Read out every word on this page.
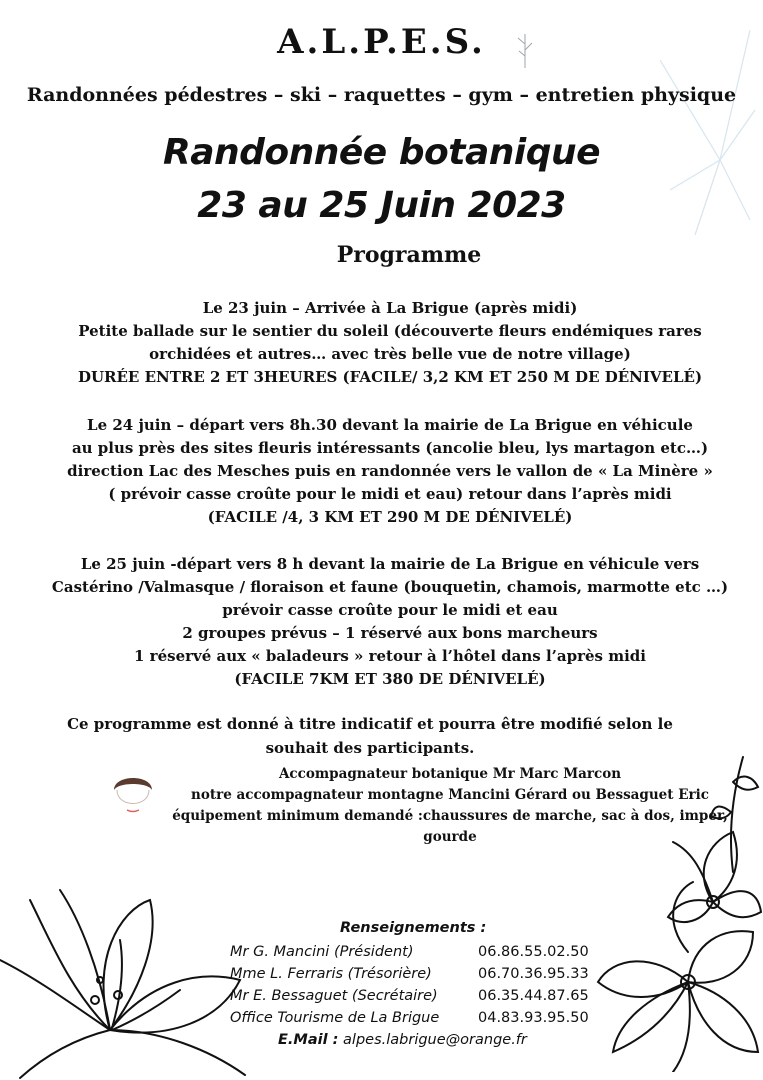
A.L.P.E.S.
Randonnées pédestres – ski – raquettes – gym – entretien physique
Randonnée botanique
23 au 25 Juin 2023
Programme
Le 23 juin – Arrivée à La Brigue (après midi)
Petite ballade sur le sentier du soleil (découverte fleurs endémiques rares
orchidées et autres… avec très belle vue de notre village)
DURÉE ENTRE 2 ET 3HEURES (FACILE/ 3,2 KM ET 250 M DE DÉNIVELÉ)
Le 24 juin – départ vers 8h.30 devant la mairie de La Brigue en véhicule
au plus près des sites fleuris intéressants (ancolie bleu, lys martagon etc…)
direction Lac des Mesches puis en randonnée vers le vallon de « La Minère »
( prévoir casse croûte pour le midi et eau) retour dans l’après midi
(FACILE /4, 3 KM ET 290 M DE DÉNIVELÉ)
Le 25 juin -départ vers 8 h devant la mairie de La Brigue en véhicule vers
Castérino /Valmasque / floraison et faune (bouquetin, chamois, marmotte etc …)
prévoir casse croûte pour le midi et eau
2 groupes prévus – 1 réservé aux bons marcheurs
1 réservé aux « baladeurs » retour à l’hôtel dans l’après midi
(FACILE 7KM ET 380 DE DÉNIVELÉ)
Ce programme est donné à titre indicatif et pourra être modifié selon le
souhait des participants.
Accompagnateur botanique Mr Marc Marcon
notre accompagnateur montagne Mancini Gérard ou Bessaguet Eric
équipement minimum demandé :chaussures de marche, sac à dos, imper,
gourde
Renseignements :
Mr G. Mancini (Président)	06.86.55.02.50
Mme L. Ferraris (Trésorière)	06.70.36.95.33
Mr E. Bessaguet (Secrétaire)	06.35.44.87.65
Office Tourisme de La Brigue	04.83.93.95.50
E.Mail : alpes.labrigue@orange.fr
